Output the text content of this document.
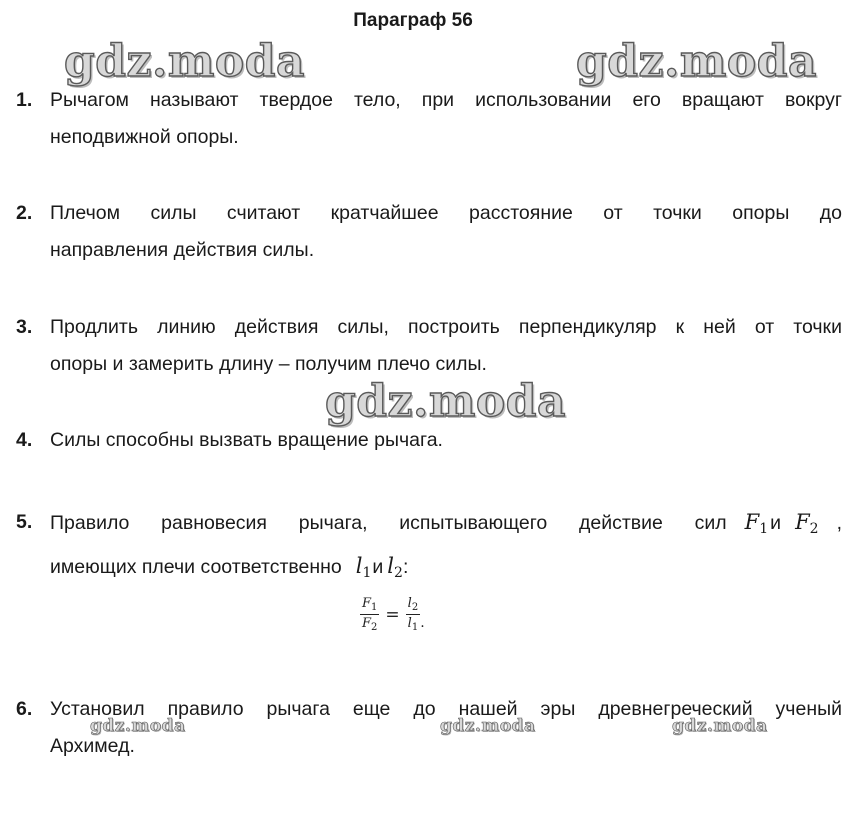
Параграф 56
1. Рычагом называют твердое тело, при использовании его вращают вокруг
неподвижной опоры.
2. Плечом силы считают кратчайшее расстояние от точки опоры до
направления действия силы.
3. Продлить линию действия силы, построить перпендикуляр к ней от точки
опоры и замерить длину – получим плечо силы.
4. Силы способны вызвать вращение рычага.
5. Правило равновесия рычага, испытывающего действие сил $F_1$ и $F_2$ ,
имеющих плечи соответственно $l_1$ и $l_2$ :
$\frac{F_1}{F_2} = \frac{l_2}{l_1}$ .
6. Установил правило рычага еще до нашей эры древнегреческий ученый
Архимед.
gdz.moda	gdz.moda
gdz.moda
gdz.moda	gdz.moda	gdz.moda
